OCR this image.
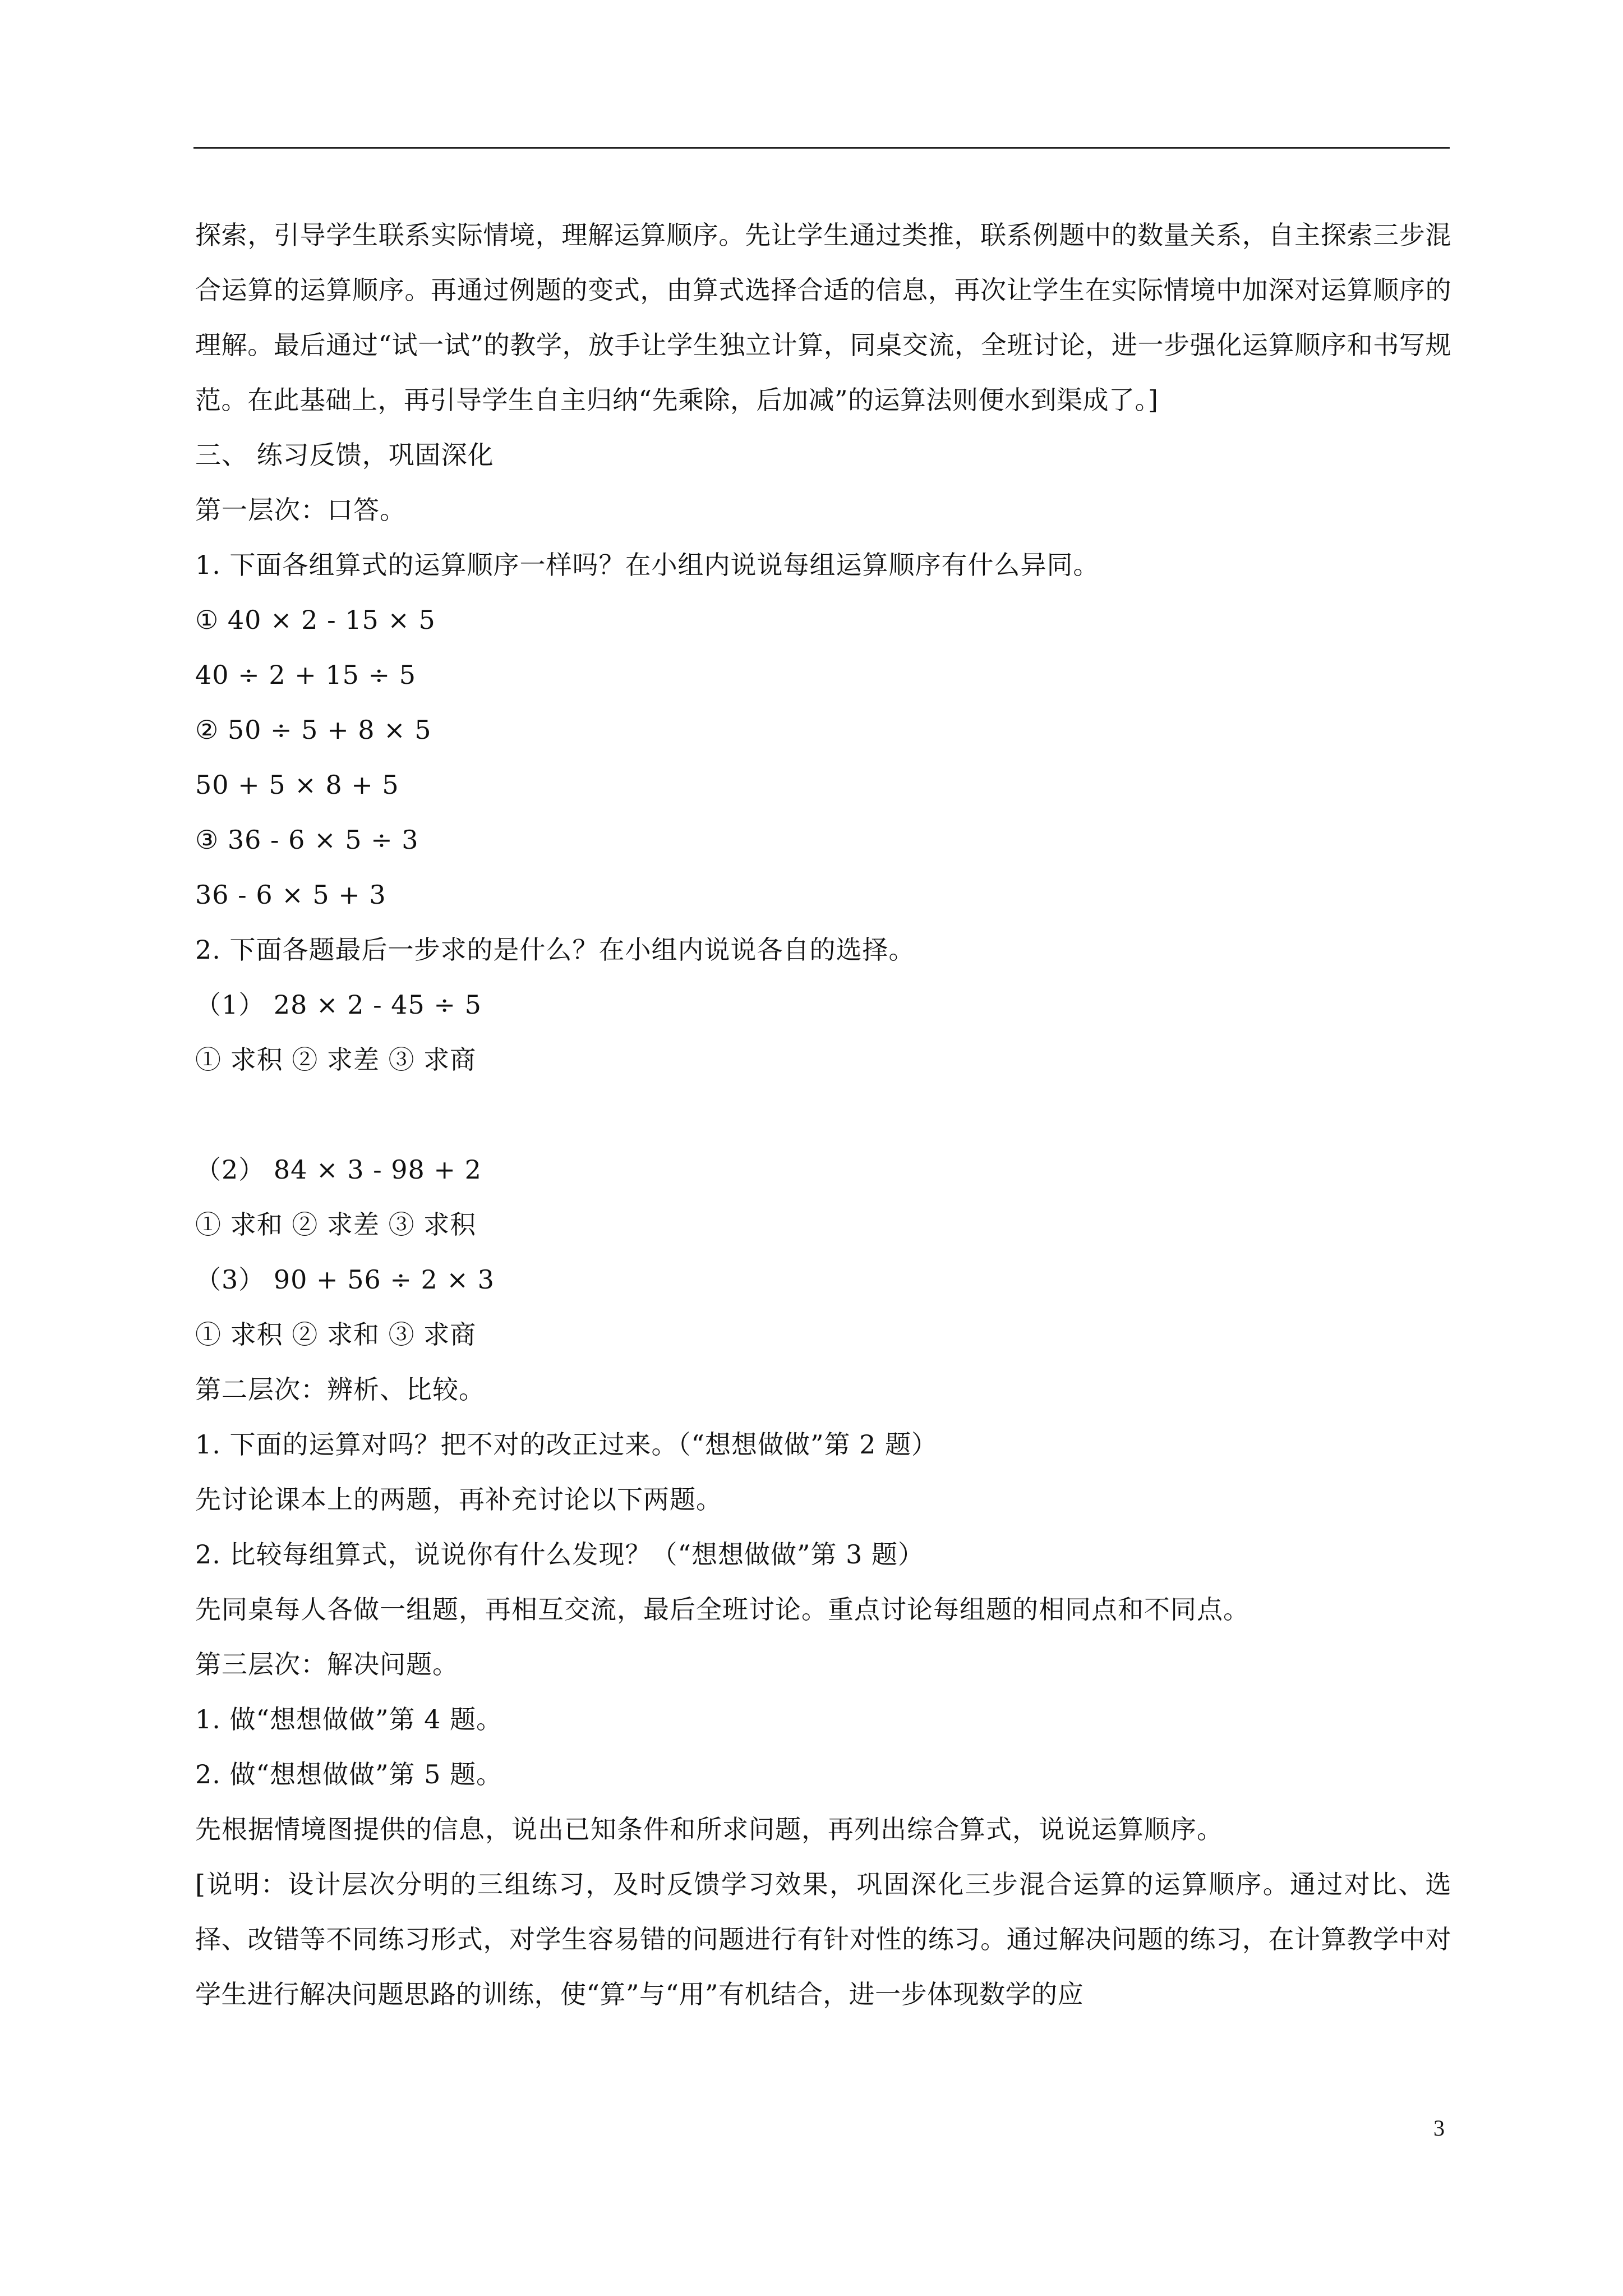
探索，引导学生联系实际情境，理解运算顺序。先让学生通过类推，联系例题中的数量关系，自主探索三步混合运算的运算顺序。再通过例题的变式，由算式选择合适的信息，再次让学生在实际情境中加深对运算顺序的理解。最后通过“试一试”的教学，放手让学生独立计算，同桌交流，全班讨论，进一步强化运算顺序和书写规范。在此基础上，再引导学生自主归纳“先乘除，后加减”的运算法则便水到渠成了。]

三、 练习反馈，巩固深化

第一层次：口答。

1. 下面各组算式的运算顺序一样吗？在小组内说说每组运算顺序有什么异同。

① 40 × 2 - 15 × 5

40 ÷ 2 + 15 ÷ 5

② 50 ÷ 5 + 8 × 5

50 + 5 × 8 + 5

③ 36 - 6 × 5 ÷ 3

36 - 6 × 5 + 3

2. 下面各题最后一步求的是什么？在小组内说说各自的选择。

（1） 28 × 2 - 45 ÷ 5

① 求积 ② 求差 ③ 求商

（2） 84 × 3 - 98 + 2

① 求和 ② 求差 ③ 求积

（3） 90 + 56 ÷ 2 × 3

① 求积 ② 求和 ③ 求商

第二层次：辨析、比较。

1. 下面的运算对吗？把不对的改正过来。（“想想做做”第 2 题）

先讨论课本上的两题，再补充讨论以下两题。

2. 比较每组算式，说说你有什么发现？（“想想做做”第 3 题）

先同桌每人各做一组题，再相互交流，最后全班讨论。重点讨论每组题的相同点和不同点。

第三层次：解决问题。

1. 做“想想做做”第 4 题。

2. 做“想想做做”第 5 题。

先根据情境图提供的信息，说出已知条件和所求问题，再列出综合算式，说说运算顺序。

[说明：设计层次分明的三组练习，及时反馈学习效果，巩固深化三步混合运算的运算顺序。通过对比、选择、改错等不同练习形式，对学生容易错的问题进行有针对性的练习。通过解决问题的练习，在计算教学中对学生进行解决问题思路的训练，使“算”与“用”有机结合，进一步体现数学的应

3
